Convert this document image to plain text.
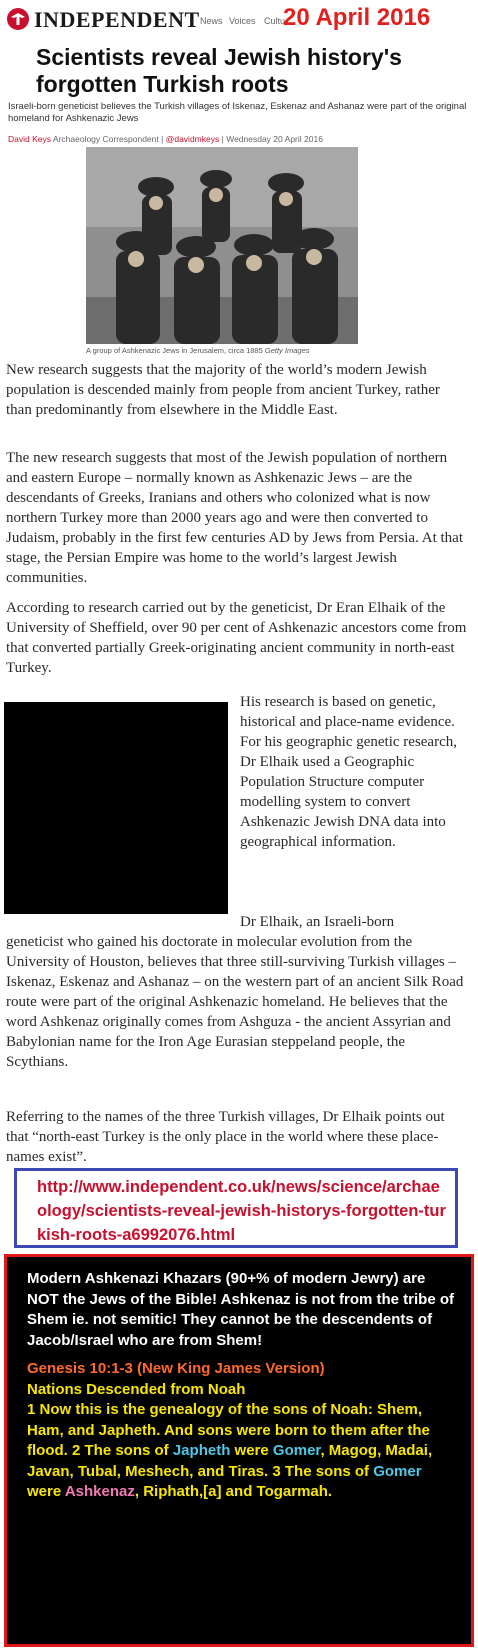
INDEPENDENT News Voices Cultu
20 April 2016
Scientists reveal Jewish history's forgotten Turkish roots
Israeli-born geneticist believes the Turkish villages of Iskenaz, Eskenaz and Ashanaz were part of the original homeland for Ashkenazic Jews
David Keys Archaeology Correspondent | @davidmkeys | Wednesday 20 April 2016
A group of Ashkenazic Jews in Jerusalem, circa 1885 Getty Images

New research suggests that the majority of the world’s modern Jewish population is descended mainly from people from ancient Turkey, rather than predominantly from elsewhere in the Middle East.

The new research suggests that most of the Jewish population of northern and eastern Europe – normally known as Ashkenazic Jews – are the descendants of Greeks, Iranians and others who colonized what is now northern Turkey more than 2000 years ago and were then converted to Judaism, probably in the first few centuries AD by Jews from Persia. At that stage, the Persian Empire was home to the world’s largest Jewish communities.

According to research carried out by the geneticist, Dr Eran Elhaik of the University of Sheffield, over 90 per cent of Ashkenazic ancestors come from that converted partially Greek-originating ancient community in north-east Turkey.

His research is based on genetic, historical and place-name evidence. For his geographic genetic research, Dr Elhaik used a Geographic Population Structure computer modelling system to convert Ashkenazic Jewish DNA data into geographical information.

Dr Elhaik, an Israeli-born

geneticist who gained his doctorate in molecular evolution from the University of Houston, believes that three still-surviving Turkish villages – Iskenaz, Eskenaz and Ashanaz – on the western part of an ancient Silk Road route were part of the original Ashkenazic homeland. He believes that the word Ashkenaz originally comes from Ashguza - the ancient Assyrian and Babylonian name for the Iron Age Eurasian steppeland people, the Scythians.

Referring to the names of the three Turkish villages, Dr Elhaik points out that “north-east Turkey is the only place in the world where these place-names exist”.

http://www.independent.co.uk/news/science/archaeology/scientists-reveal-jewish-historys-forgotten-turkish-roots-a6992076.html
Modern Ashkenazi Khazars (90+% of modern Jewry) are NOT the Jews of the Bible! Ashkenaz is not from the tribe of Shem ie. not semitic! They cannot be the descendents of Jacob/Israel who are from Shem!
Genesis 10:1-3 (New King James Version)
Nations Descended from Noah
1 Now this is the genealogy of the sons of Noah: Shem, Ham, and Japheth. And sons were born to them after the flood. 2 The sons of Japheth were Gomer, Magog, Madai, Javan, Tubal, Meshech, and Tiras. 3 The sons of Gomer were Ashkenaz, Riphath,[a] and Togarmah.
